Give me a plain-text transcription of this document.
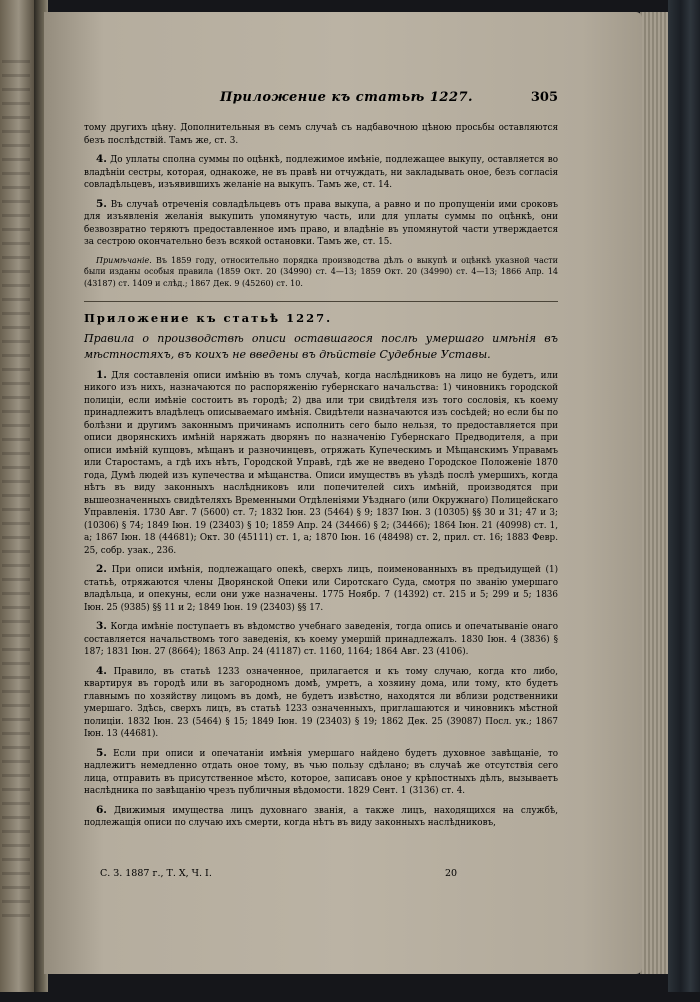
Приложение къ статьѣ 1227.	305

тому другихъ цѣну. Дополнительныя въ семъ случаѣ съ надбавочною цѣною просьбы оставляются безъ послѣдствій. Тамъ же, ст. 3.

4. До уплаты сполна суммы по оцѣнкѣ, подлежимое имѣніе, подлежащее выкупу, оставляется во владѣніи сестры, которая, однакоже, не въ правѣ ни отчуждать, ни закладывать оное, безъ согласія совладѣльцевъ, изъявившихъ желаніе на выкупъ. Тамъ же, ст. 14.

5. Въ случаѣ отреченія совладѣльцевъ отъ права выкупа, а равно и по пропущеніи ими сроковъ для изъявленія желанія выкупить упомянутую часть, или для уплаты суммы по оцѣнкѣ, они безвозвратно теряютъ предоставленное имъ право, и владѣніе въ упомянутой части утверждается за сестрою окончательно безъ всякой остановки. Тамъ же, ст. 15.

Примѣчаніе. Въ 1859 году, относительно порядка производства дѣлъ о выкупѣ и оцѣнкѣ указной части были изданы особыя правила (1859 Окт. 20 (34990) ст. 4—13; 1859 Окт. 20 (34990) ст. 4—13; 1866 Апр. 14 (43187) ст. 1409 и слѣд.; 1867 Дек. 9 (45260) ст. 10.

Приложение къ статьѣ 1227.

Правила о производствѣ описи оставшагося послѣ умершаго имѣнія въ мѣстностяхъ, въ коихъ не введены въ дѣйствіе Судебные Уставы.

1. Для составленія описи имѣнію въ томъ случаѣ, когда наслѣдниковъ на лицо не будетъ, или никого изъ нихъ, назначаются по распоряженію губернскаго начальства: 1) чиновникъ городской полиціи, если имѣніе состоитъ въ городѣ; 2) два или три свидѣтеля изъ того сословія, къ коему принадлежитъ владѣлецъ описываемаго имѣнія. Свидѣтели назначаются изъ сосѣдей; но если бы по болѣзни и другимъ законнымъ причинамъ исполнить сего было нельзя, то предоставляется при описи дворянскихъ имѣній наряжать дворянъ по назначенію Губернскаго Предводителя, а при описи имѣній купцовъ, мѣщанъ и разночинцевъ, отряжать Купеческимъ и Мѣщанскимъ Управамъ или Старостамъ, а гдѣ ихъ нѣтъ, Городской Управѣ, гдѣ же не введено Городское Положеніе 1870 года, Думѣ людей изъ купечества и мѣщанства. Описи имуществъ въ уѣздѣ послѣ умершихъ, когда нѣтъ въ виду законныхъ наслѣдниковъ или попечителей сихъ имѣній, производятся при вышеозначенныхъ свидѣтеляхъ Временными Отдѣленіями Уѣзднаго (или Окружнаго) Полицейскаго Управленія. 1730 Авг. 7 (5600) ст. 7; 1832 Іюн. 23 (5464) § 9; 1837 Іюн. 3 (10305) §§ 30 и 31; 47 и 3; (10306) § 74; 1849 Іюн. 19 (23403) § 10; 1859 Апр. 24 (34466) § 2; (34466); 1864 Іюн. 21 (40998) ст. 1, а; 1867 Іюн. 18 (44681); Окт. 30 (45111) ст. 1, а; 1870 Іюн. 16 (48498) ст. 2, прил. ст. 16; 1883 Февр. 25, собр. узак., 236.

2. При описи имѣнія, подлежащаго опекѣ, сверхъ лицъ, поименованныхъ въ предъидущей (1) статьѣ, отряжаются члены Дворянской Опеки или Сиротскаго Суда, смотря по званію умершаго владѣльца, и опекуны, если они уже назначены. 1775 Ноябр. 7 (14392) ст. 215 и 5; 299 и 5; 1836 Іюн. 25 (9385) §§ 11 и 2; 1849 Іюн. 19 (23403) §§ 17.

3. Когда имѣніе поступаетъ въ вѣдомство учебнаго заведенія, тогда опись и опечатываніе онаго составляется начальствомъ того заведенія, къ коему умершій принадлежалъ. 1830 Іюн. 4 (3836) § 187; 1831 Іюн. 27 (8664); 1863 Апр. 24 (41187) ст. 1160, 1164; 1864 Авг. 23 (4106).

4. Правило, въ статьѣ 1233 означенное, прилагается и къ тому случаю, когда кто либо, квартируя въ городѣ или въ загородномъ домѣ, умретъ, а хозяину дома, или тому, кто будетъ главнымъ по хозяйству лицомъ въ домѣ, не будетъ извѣстно, находятся ли вблизи родственники умершаго. Здѣсь, сверхъ лицъ, въ статьѣ 1233 означенныхъ, приглашаются и чиновникъ мѣстной полиціи. 1832 Іюн. 23 (5464) § 15; 1849 Іюн. 19 (23403) § 19; 1862 Дек. 25 (39087) Посл. ук.; 1867 Іюн. 13 (44681).

5. Если при описи и опечатаніи имѣнія умершаго найдено будетъ духовное завѣщаніе, то надлежитъ немедленно отдать оное тому, въ чью пользу сдѣлано; въ случаѣ же отсутствія сего лица, отправить въ присутственное мѣсто, которое, записавъ оное у крѣпостныхъ дѣлъ, вызываетъ наслѣдника по завѣщанію чрезъ публичныя вѣдомости. 1829 Сент. 1 (3136) ст. 4.

6. Движимыя имущества лицъ духовнаго званія, а также лицъ, находящихся на службѣ, подлежащія описи по случаю ихъ смерти, когда нѣтъ въ виду законныхъ наслѣдниковъ,

С. З. 1887 г., Т. X, Ч. I.	20
